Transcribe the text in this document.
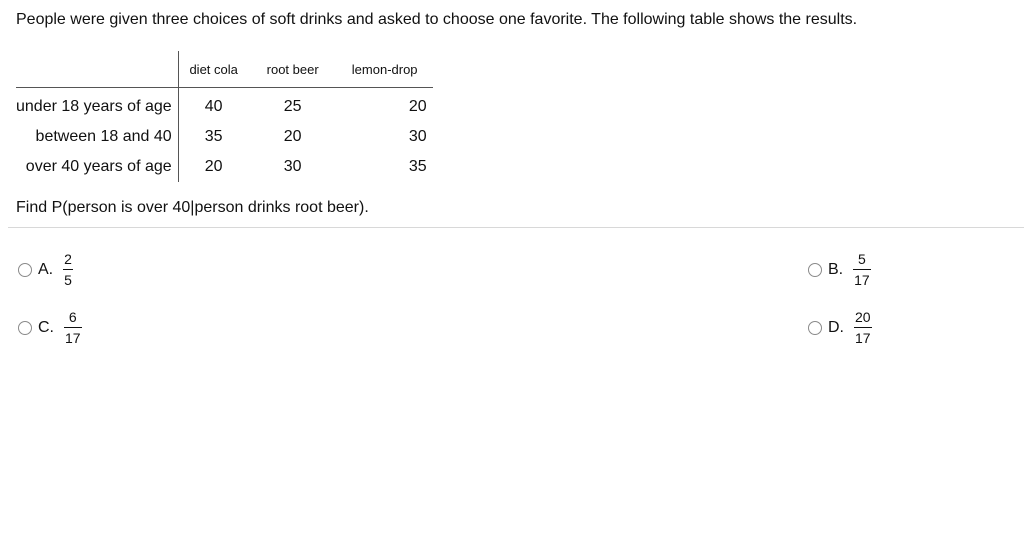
People were given three choices of soft drinks and asked to choose one favorite. The following table shows the results.
	diet cola	root beer	lemon-drop
under 18 years of age	40	25	20
between 18 and 40	35	20	30
over 40 years of age	20	30	35
Find P(person is over 40|person drinks root beer).
A. $\frac{2}{5}$	B. $\frac{5}{17}$
C. $\frac{6}{17}$	D. $\frac{20}{17}$
